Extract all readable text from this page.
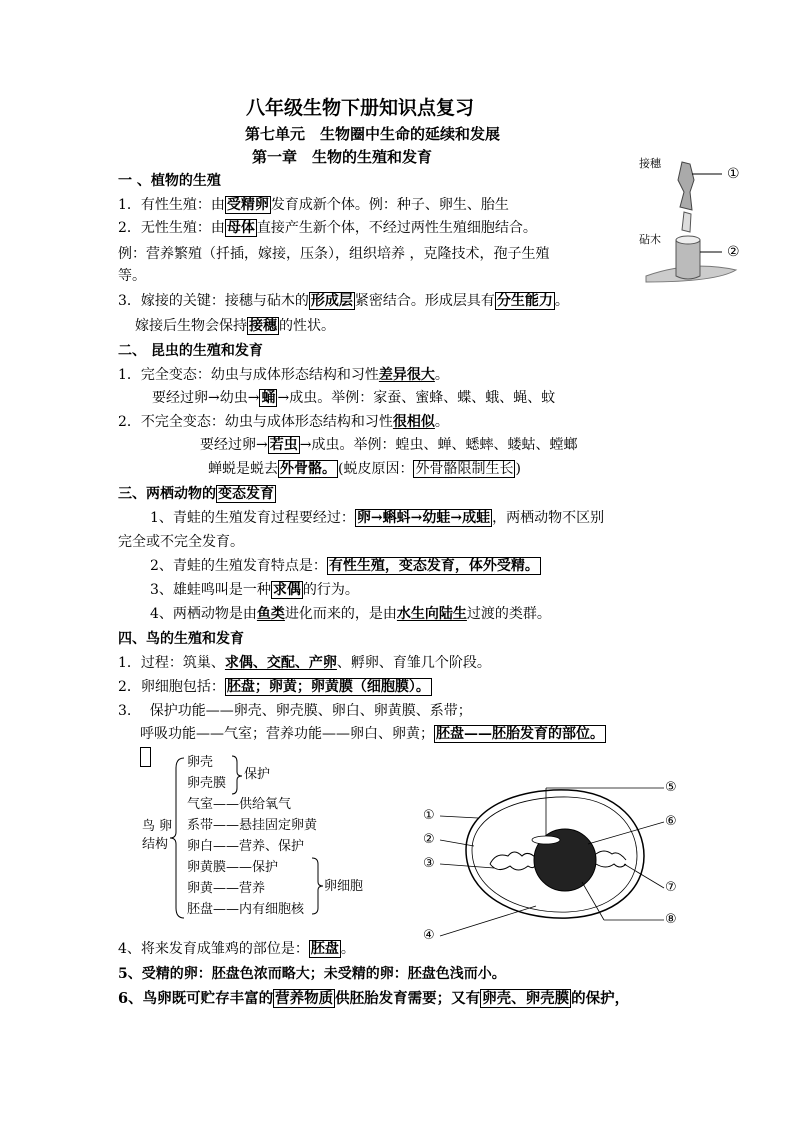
八年级生物下册知识点复习
第七单元　生物圈中生命的延续和发展
第一章　生物的生殖和发育	接穗
砧木
①
②
一 、植物的生殖
1．有性生殖：由 受精卵 发育成新个体。例：种子、卵生、胎生
2．无性生殖：由 母体 直接产生新个体，不经过两性生殖细胞结合。
例：营养繁殖（扦插，嫁接，压条），组织培养 ，克隆技术，孢子生殖
等。
3．嫁接的关键：接穗与砧木的 形成层 紧密结合。形成层具有 分生能力 。
嫁接后生物会保持 接穗 的性状。
二、 昆虫的生殖和发育
1．完全变态：幼虫与成体形态结构和习性差异很大。
要经过卵→幼虫→ 蛹 →成虫。举例：家蚕、蜜蜂、蝶、蛾、蝇、蚊
2．不完全变态：幼虫与成体形态结构和习性很相似。
要经过卵→ 若虫 →成虫。举例：蝗虫、蝉、蟋蟀、蝼蛄、螳螂
蝉蜕是蜕去 外骨骼。 (蜕皮原因： 外骨骼限制生长 )
三、两栖动物的 变态发育
1、青蛙的生殖发育过程要经过： 卵→蝌蚪→幼蛙→成蛙 ，两栖动物不区别
完全或不完全发育。
2、青蛙的生殖发育特点是： 有性生殖，变态发育，体外受精。
3、雄蛙鸣叫是一种 求偶 的行为。
4、两栖动物是由鱼类进化而来的，是由水生向陆生过渡的类群。
四、鸟的生殖和发育
1．过程：筑巢、求偶、交配、产卵、孵卵、育雏几个阶段。
2．卵细胞包括： 胚盘；卵黄；卵黄膜（细胞膜）。
3.　 保护功能——卵壳、卵壳膜、卵白、卵黄膜、系带；
呼吸功能——气室；营养功能——卵白、卵黄； 胚盘——胚胎发育的部位。
鸟 卵
结构
卵壳
卵壳膜
气室——供给氧气
系带——悬挂固定卵黄
卵白——营养、保护
卵黄膜——保护
卵黄——营养
胚盘——内有细胞核
保护
卵细胞
①
②
③
④
⑤
⑥
⑦
⑧
4、将来发育成雏鸡的部位是： 胚盘 。
5、受精的卵：胚盘色浓而略大；未受精的卵：胚盘色浅而小。
6、鸟卵既可贮存丰富的 营养物质 供胚胎发育需要；又有 卵壳、卵壳膜 的保护，
